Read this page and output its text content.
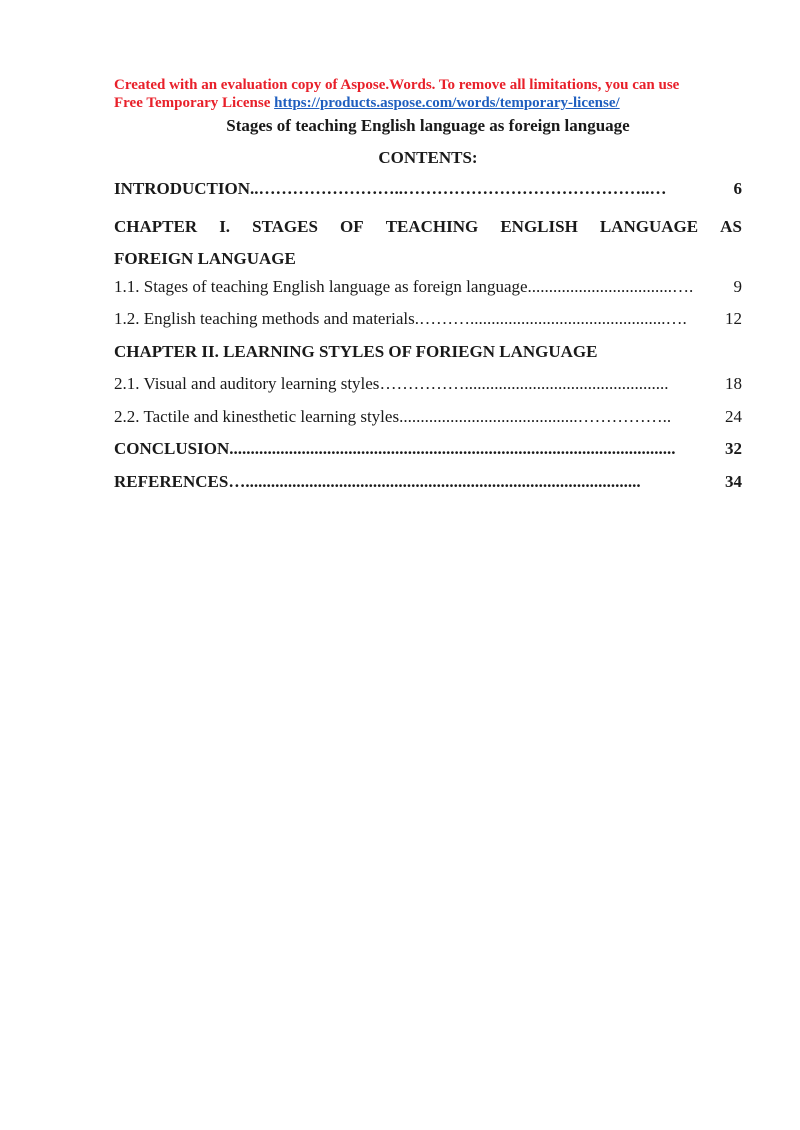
Created with an evaluation copy of Aspose.Words. To remove all limitations, you can use
Free Temporary License https://products.aspose.com/words/temporary-license/
Stages of teaching English language as foreign language
CONTENTS:
INTRODUCTION ..……………………..……………………………………..…	6
CHAPTER I. STAGES OF TEACHING ENGLISH LANGUAGE AS
FOREIGN LANGUAGE
1.1. Stages of teaching English language as foreign language ..................................….	9
1.2. English teaching methods and materials .………..............................................….	12
CHAPTER II. LEARNING STYLES OF FORIEGN LANGUAGE
2.1. Visual and auditory learning styles ……………................................................	18
2.2. Tactile and kinesthetic learning styles ..........................................……………..	24
CONCLUSION .........................................................................................................	32
REFERENCES ….............................................................................................	34
